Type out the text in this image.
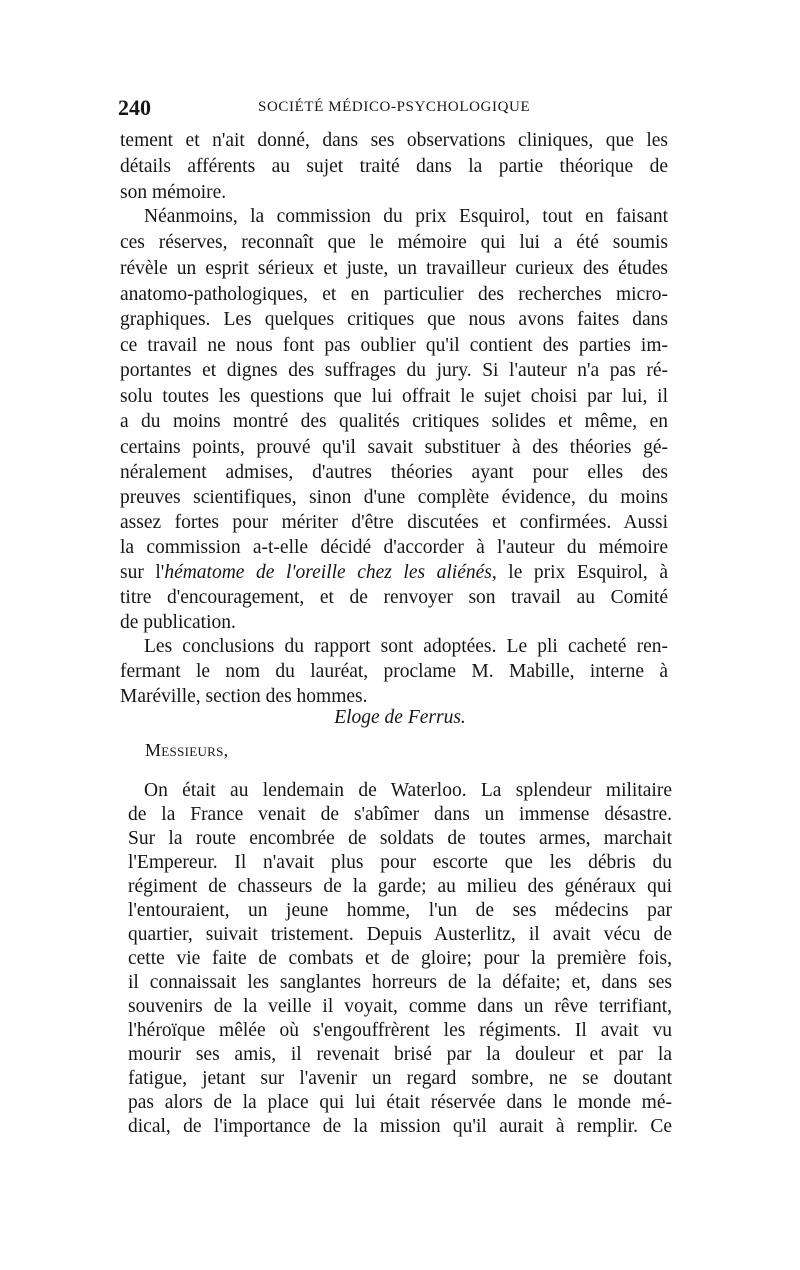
240	SOCIÉTÉ MÉDICO-PSYCHOLOGIQUE
tement et n'ait donné, dans ses observations cliniques, que les
détails afférents au sujet traité dans la partie théorique de
son mémoire.
Néanmoins, la commission du prix Esquirol, tout en faisant
ces réserves, reconnaît que le mémoire qui lui a été soumis
révèle un esprit sérieux et juste, un travailleur curieux des études
anatomo-pathologiques, et en particulier des recherches micro-
graphiques. Les quelques critiques que nous avons faites dans
ce travail ne nous font pas oublier qu'il contient des parties im-
portantes et dignes des suffrages du jury. Si l'auteur n'a pas ré-
solu toutes les questions que lui offrait le sujet choisi par lui, il
a du moins montré des qualités critiques solides et même, en
certains points, prouvé qu'il savait substituer à des théories gé-
néralement admises, d'autres théories ayant pour elles des
preuves scientifiques, sinon d'une complète évidence, du moins
assez fortes pour mériter d'être discutées et confirmées. Aussi
la commission a-t-elle décidé d'accorder à l'auteur du mémoire
sur l'hématome de l'oreille chez les aliénés, le prix Esquirol, à
titre d'encouragement, et de renvoyer son travail au Comité
de publication.
Les conclusions du rapport sont adoptées. Le pli cacheté ren-
fermant le nom du lauréat, proclame M. Mabille, interne à
Maréville, section des hommes.
Eloge de Ferrus.
Messieurs,
On était au lendemain de Waterloo. La splendeur militaire
de la France venait de s'abîmer dans un immense désastre.
Sur la route encombrée de soldats de toutes armes, marchait
l'Empereur. Il n'avait plus pour escorte que les débris du
régiment de chasseurs de la garde; au milieu des généraux qui
l'entouraient, un jeune homme, l'un de ses médecins par
quartier, suivait tristement. Depuis Austerlitz, il avait vécu de
cette vie faite de combats et de gloire; pour la première fois,
il connaissait les sanglantes horreurs de la défaite; et, dans ses
souvenirs de la veille il voyait, comme dans un rêve terrifiant,
l'héroïque mêlée où s'engouffrèrent les régiments. Il avait vu
mourir ses amis, il revenait brisé par la douleur et par la
fatigue, jetant sur l'avenir un regard sombre, ne se doutant
pas alors de la place qui lui était réservée dans le monde mé-
dical, de l'importance de la mission qu'il aurait à remplir. Ce
